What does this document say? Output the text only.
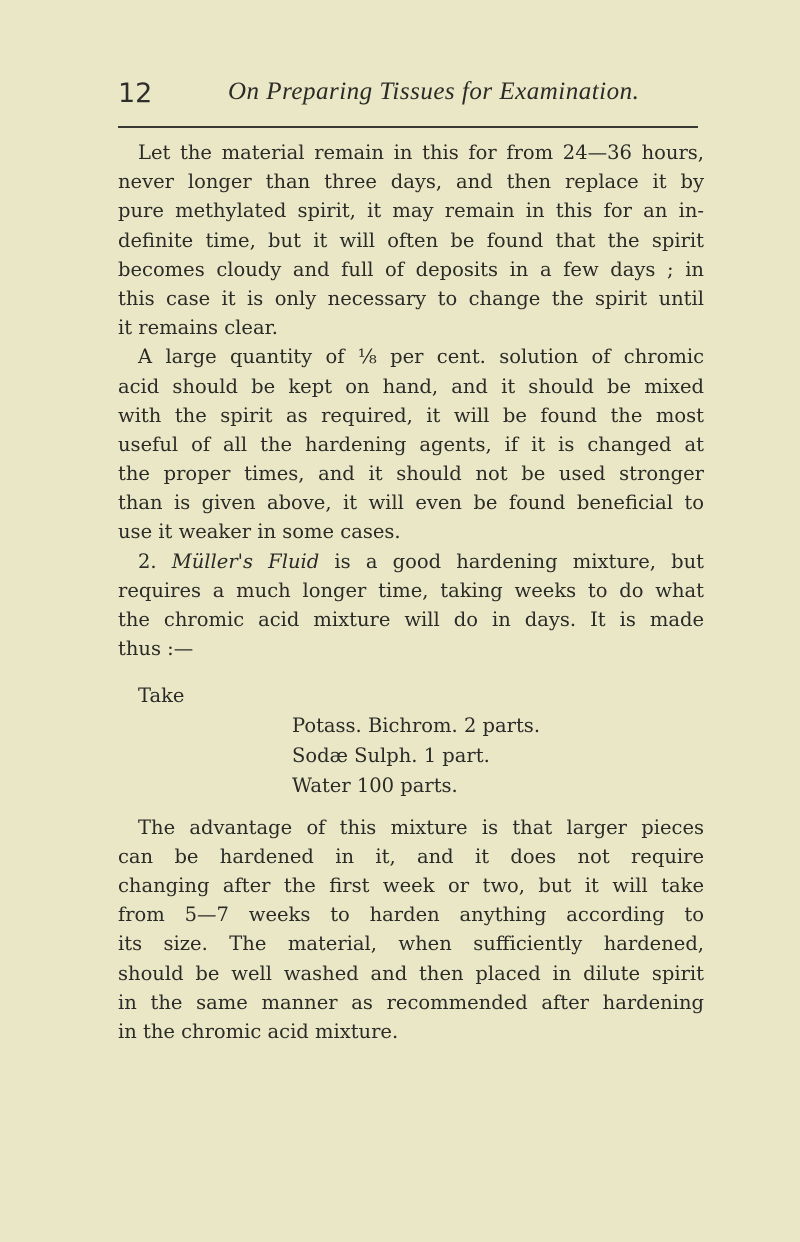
12	On Preparing Tissues for Examination.
Let the material remain in this for from 24—36 hours,
never longer than three days, and then replace it by
pure methylated spirit, it may remain in this for an in-
definite time, but it will often be found that the spirit
becomes cloudy and full of deposits in a few days ; in
this case it is only necessary to change the spirit until
it remains clear.
A large quantity of ⅛ per cent. solution of chromic
acid should be kept on hand, and it should be mixed
with the spirit as required, it will be found the most
useful of all the hardening agents, if it is changed at
the proper times, and it should not be used stronger
than is given above, it will even be found beneficial to
use it weaker in some cases.
2. Müller's Fluid is a good hardening mixture, but
requires a much longer time, taking weeks to do what
the chromic acid mixture will do in days. It is made
thus :—
Take
Potass. Bichrom. 2 parts.
Sodæ Sulph. 1 part.
Water 100 parts.
The advantage of this mixture is that larger pieces
can be hardened in it, and it does not require
changing after the first week or two, but it will take
from 5—7 weeks to harden anything according to
its size. The material, when sufficiently hardened,
should be well washed and then placed in dilute spirit
in the same manner as recommended after hardening
in the chromic acid mixture.
